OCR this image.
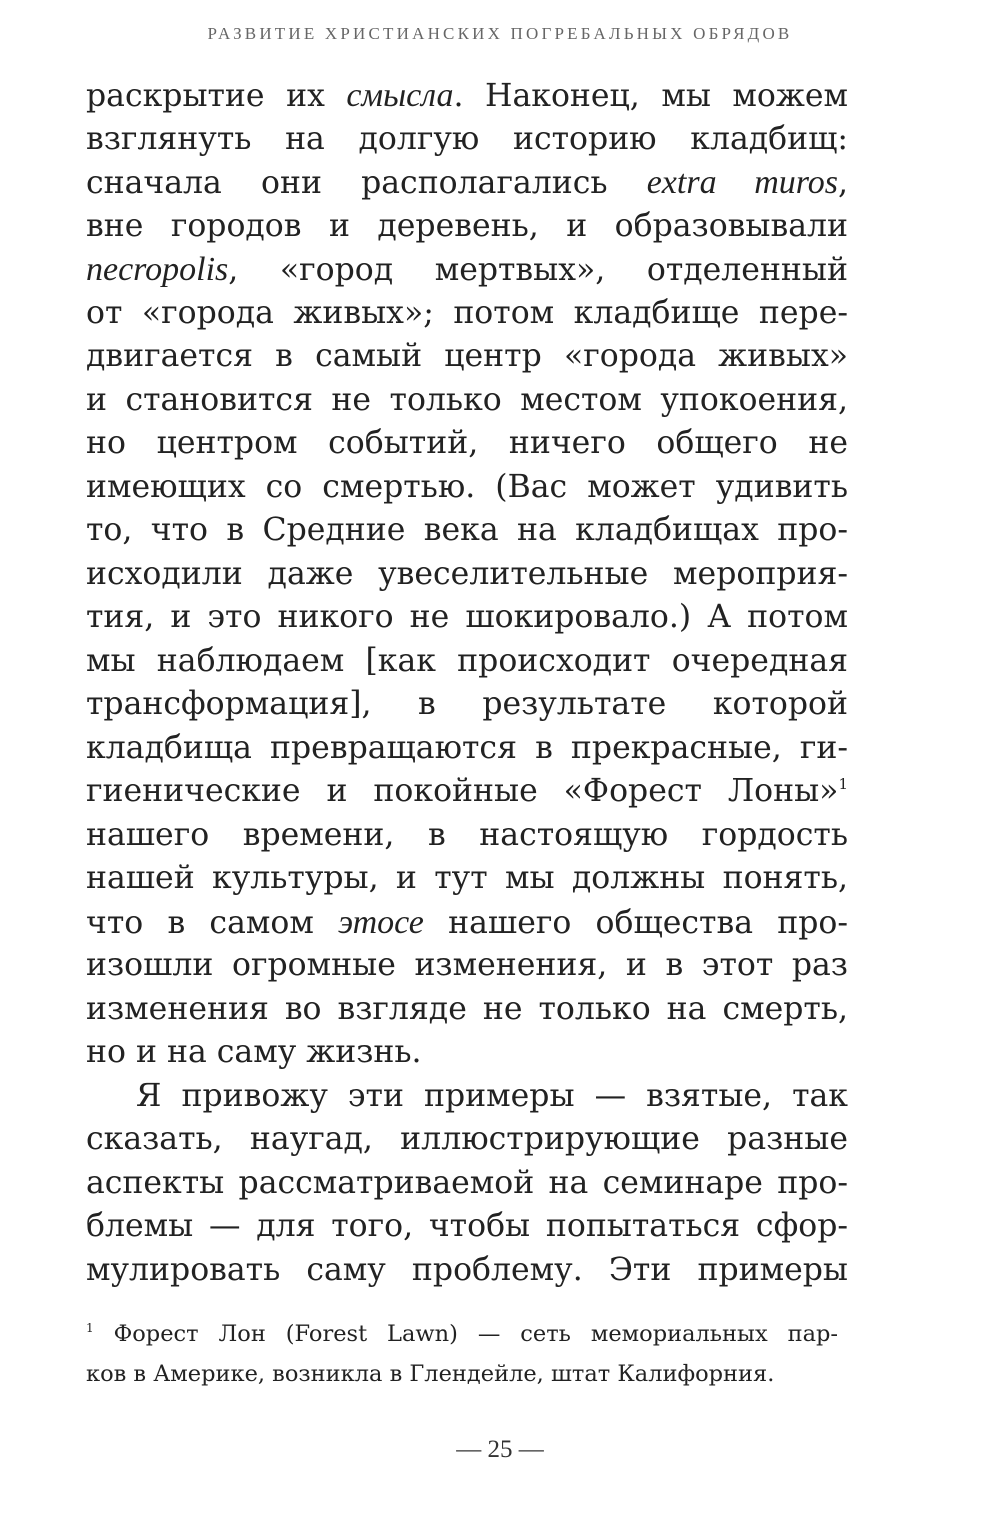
РАЗВИТИЕ ХРИСТИАНСКИХ ПОГРЕБАЛЬНЫХ ОБРЯДОВ
раскрытие их смысла. Наконец, мы можем
взглянуть на долгую историю кладбищ:
сначала они располагались extra muros,
вне городов и деревень, и образовывали
necropolis, «город мертвых», отделенный
от «города живых»; потом кладбище пере-
двигается в самый центр «города живых»
и становится не только местом упокоения,
но центром событий, ничего общего не
имеющих со смертью. (Вас может удивить
то, что в Средние века на кладбищах про-
исходили даже увеселительные мероприя-
тия, и это никого не шокировало.) А потом
мы наблюдаем [как происходит очередная
трансформация], в результате которой
кладбища превращаются в прекрасные, ги-
гиенические и покойные «Форест Лоны»$^1$
нашего времени, в настоящую гордость
нашей культуры, и тут мы должны понять,
что в самом этосе нашего общества про-
изошли огромные изменения, и в этот раз
изменения во взгляде не только на смерть,
но и на саму жизнь.
Я привожу эти примеры — взятые, так
сказать, наугад, иллюстрирующие разные
аспекты рассматриваемой на семинаре про-
блемы — для того, чтобы попытаться сфор-
мулировать саму проблему. Эти примеры
$^1$ Форест Лон (Forest Lawn) — сеть мемориальных пар-
ков в Америке, возникла в Глендейле, штат Калифорния.
— 25 —
